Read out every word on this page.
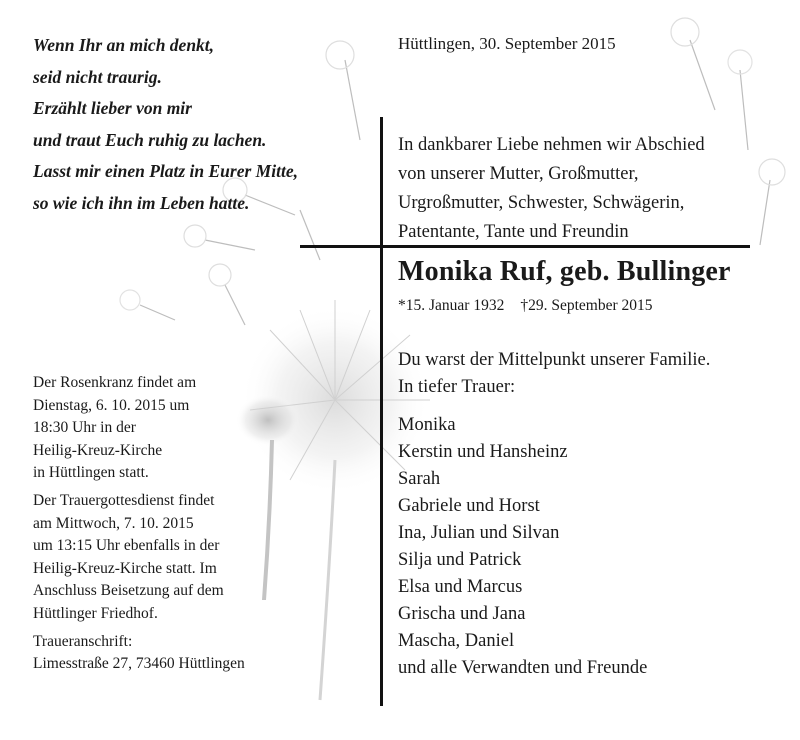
Wenn Ihr an mich denkt,
seid nicht traurig.
Erzählt lieber von mir
und traut Euch ruhig zu lachen.
Lasst mir einen Platz in Eurer Mitte,
so wie ich ihn im Leben hatte.
Hüttlingen, 30. September 2015
In dankbarer Liebe nehmen wir Abschied
von unserer Mutter, Großmutter,
Urgroßmutter, Schwester, Schwägerin,
Patentante, Tante und Freundin
Monika Ruf, geb. Bullinger
*15. Januar 1932 †29. September 2015
Du warst der Mittelpunkt unserer Familie.
In tiefer Trauer:
Monika
Kerstin und Hansheinz
Sarah
Gabriele und Horst
Ina, Julian und Silvan
Silja und Patrick
Elsa und Marcus
Grischa und Jana
Mascha, Daniel
und alle Verwandten und Freunde
Der Rosenkranz findet am
Dienstag, 6. 10. 2015 um
18:30 Uhr in der
Heilig-Kreuz-Kirche
in Hüttlingen statt.
Der Trauergottesdienst findet
am Mittwoch, 7. 10. 2015
um 13:15 Uhr ebenfalls in der
Heilig-Kreuz-Kirche statt. Im
Anschluss Beisetzung auf dem
Hüttlinger Friedhof.
Traueranschrift:
Limesstraße 27, 73460 Hüttlingen
